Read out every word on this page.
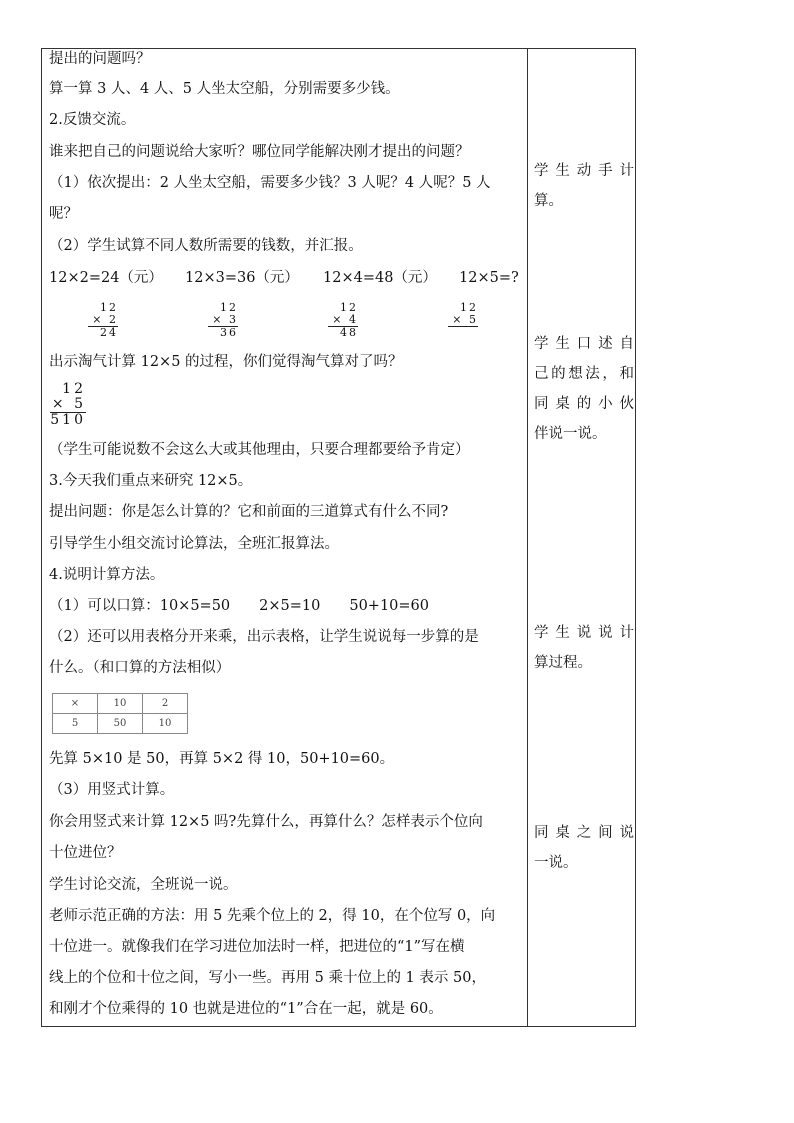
提出的问题吗？
算一算 3 人、4 人、5 人坐太空船，分别需要多少钱。
2.反馈交流。
谁来把自己的问题说给大家听？哪位同学能解决刚才提出的问题？
（1）依次提出：2 人坐太空船，需要多少钱？3 人呢？4 人呢？5 人
呢？
（2）学生试算不同人数所需要的钱数，并汇报。
12×2=24（元） 12×3=36（元） 12×4=48（元） 12×5=?
12
× 2
24
12
× 3
36
12
× 4
48
12
× 5
出示淘气计算 12×5 的过程，你们觉得淘气算对了吗？
12
× 5
510
（学生可能说数不会这么大或其他理由，只要合理都要给予肯定）
3.今天我们重点来研究 12×5。
提出问题：你是怎么计算的？它和前面的三道算式有什么不同?
引导学生小组交流讨论算法，全班汇报算法。
4.说明计算方法。
（1）可以口算：10×5=50　　2×5=10　　50+10=60
（2）还可以用表格分开来乘，出示表格，让学生说说每一步算的是
什么。（和口算的方法相似）
×	10	2
5	50	10
先算 5×10 是 50，再算 5×2 得 10，50+10=60。
（3）用竖式计算。
你会用竖式来计算 12×5 吗?先算什么，再算什么？怎样表示个位向
十位进位？
学生讨论交流，全班说一说。
老师示范正确的方法：用 5 先乘个位上的 2，得 10，在个位写 0，向
十位进一。就像我们在学习进位加法时一样，把进位的“1”写在横
线上的个位和十位之间，写小一些。再用 5 乘十位上的 1 表示 50，
和刚才个位乘得的 10 也就是进位的“1”合在一起，就是 60。
学生动手计
算。
学生口述自
己的想法，和
同桌的小伙
伴说一说。
学生说说计
算过程。
同桌之间说
一说。
